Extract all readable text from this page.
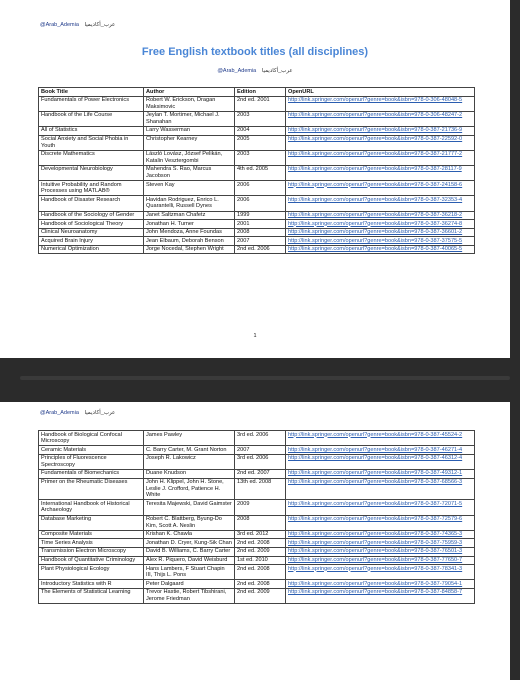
@Arab_Ademia عرب_أكاديميا
Free English textbook titles (all disciplines)
@Arab_Ademia عرب_أكاديميا
Book Title	Author	Edition	OpenURL
Fundamentals of Power Electronics	Robert W. Erickson, Dragan Maksimovic	2nd ed. 2001	http://link.springer.com/openurl?genre=book&isbn=978-0-306-48048-5
Handbook of the Life Course	Jeylan T. Mortimer, Michael J. Shanahan	2003	http://link.springer.com/openurl?genre=book&isbn=978-0-306-48247-2
All of Statistics	Larry Wasserman	2004	http://link.springer.com/openurl?genre=book&isbn=978-0-387-21736-9
Social Anxiety and Social Phobia in Youth	Christopher Kearney	2005	http://link.springer.com/openurl?genre=book&isbn=978-0-387-22592-0
Discrete Mathematics	László Lovász, József Pelikán, Katalin Vesztergombi	2003	http://link.springer.com/openurl?genre=book&isbn=978-0-387-21777-2
Developmental Neurobiology	Mahendra S. Rao, Marcus Jacobson	4th ed. 2005	http://link.springer.com/openurl?genre=book&isbn=978-0-387-28117-9
Intuitive Probability and Random Processes using MATLAB®	Steven Kay	2006	http://link.springer.com/openurl?genre=book&isbn=978-0-387-24158-6
Handbook of Disaster Research	Havidan Rodriguez, Enrico L. Quarantelli, Russell Dynes	2006	http://link.springer.com/openurl?genre=book&isbn=978-0-387-32353-4
Handbook of the Sociology of Gender	Janet Saltzman Chafetz	1999	http://link.springer.com/openurl?genre=book&isbn=978-0-387-36218-2
Handbook of Sociological Theory	Jonathan H. Turner	2001	http://link.springer.com/openurl?genre=book&isbn=978-0-387-36274-8
Clinical Neuroanatomy	John Mendoza, Anne Foundas	2008	http://link.springer.com/openurl?genre=book&isbn=978-0-387-36601-2
Acquired Brain Injury	Jean Elbaum, Deborah Benson	2007	http://link.springer.com/openurl?genre=book&isbn=978-0-387-37575-5
Numerical Optimization	Jorge Nocedal, Stephen Wright	2nd ed. 2006	http://link.springer.com/openurl?genre=book&isbn=978-0-387-40065-5
1
@Arab_Ademia عرب_أكاديميا
Handbook of Biological Confocal Microscopy	James Pawley	3rd ed. 2006	http://link.springer.com/openurl?genre=book&isbn=978-0-387-45524-2
Ceramic Materials	C. Barry Carter, M. Grant Norton	2007	http://link.springer.com/openurl?genre=book&isbn=978-0-387-46271-4
Principles of Fluorescence Spectroscopy	Joseph R. Lakowicz	3rd ed. 2006	http://link.springer.com/openurl?genre=book&isbn=978-0-387-46312-4
Fundamentals of Biomechanics	Duane Knudson	2nd ed. 2007	http://link.springer.com/openurl?genre=book&isbn=978-0-387-49312-1
Primer on the Rheumatic Diseases	John H. Klippel, John H. Stone, Leslie J. Crofford, Patience H. White	13th ed. 2008	http://link.springer.com/openurl?genre=book&isbn=978-0-387-68566-3
International Handbook of Historical Archaeology	Teresita Majewski, David Gaimster	2009	http://link.springer.com/openurl?genre=book&isbn=978-0-387-72071-5
Database Marketing	Robert C. Blattberg, Byung-Do Kim, Scott A. Neslin	2008	http://link.springer.com/openurl?genre=book&isbn=978-0-387-72579-6
Composite Materials	Krishan K. Chawla	3rd ed. 2012	http://link.springer.com/openurl?genre=book&isbn=978-0-387-74365-3
Time Series Analysis	Jonathan D. Cryer, Kung-Sik Chan	2nd ed. 2008	http://link.springer.com/openurl?genre=book&isbn=978-0-387-75959-3
Transmission Electron Microscopy	David B. Williams, C. Barry Carter	2nd ed. 2009	http://link.springer.com/openurl?genre=book&isbn=978-0-387-76501-3
Handbook of Quantitative Criminology	Alex R. Piquero, David Weisburd	1st ed. 2010	http://link.springer.com/openurl?genre=book&isbn=978-0-387-77650-7
Plant Physiological Ecology	Hans Lambers, F Stuart Chapin III, Thijs L. Pons	2nd ed. 2008	http://link.springer.com/openurl?genre=book&isbn=978-0-387-78341-3
Introductory Statistics with R	Peter Dalgaard	2nd ed. 2008	http://link.springer.com/openurl?genre=book&isbn=978-0-387-79054-1
The Elements of Statistical Learning	Trevor Hastie, Robert Tibshirani, Jerome Friedman	2nd ed. 2009	http://link.springer.com/openurl?genre=book&isbn=978-0-387-84858-7
